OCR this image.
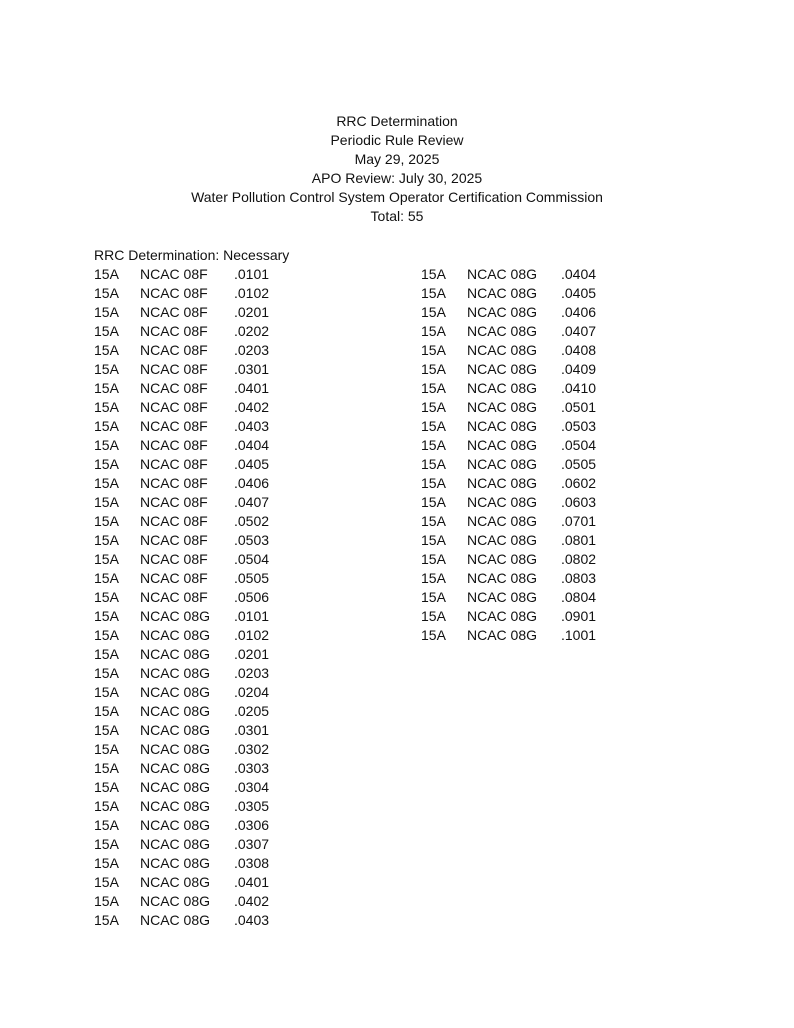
RRC Determination
Periodic Rule Review
May 29, 2025
APO Review: July 30, 2025
Water Pollution Control System Operator Certification Commission
Total: 55
RRC Determination: Necessary
15A NCAC 08F .0101
15A NCAC 08F .0102
15A NCAC 08F .0201
15A NCAC 08F .0202
15A NCAC 08F .0203
15A NCAC 08F .0301
15A NCAC 08F .0401
15A NCAC 08F .0402
15A NCAC 08F .0403
15A NCAC 08F .0404
15A NCAC 08F .0405
15A NCAC 08F .0406
15A NCAC 08F .0407
15A NCAC 08F .0502
15A NCAC 08F .0503
15A NCAC 08F .0504
15A NCAC 08F .0505
15A NCAC 08F .0506
15A NCAC 08G .0101
15A NCAC 08G .0102
15A NCAC 08G .0201
15A NCAC 08G .0203
15A NCAC 08G .0204
15A NCAC 08G .0205
15A NCAC 08G .0301
15A NCAC 08G .0302
15A NCAC 08G .0303
15A NCAC 08G .0304
15A NCAC 08G .0305
15A NCAC 08G .0306
15A NCAC 08G .0307
15A NCAC 08G .0308
15A NCAC 08G .0401
15A NCAC 08G .0402
15A NCAC 08G .0403
15A NCAC 08G .0404
15A NCAC 08G .0405
15A NCAC 08G .0406
15A NCAC 08G .0407
15A NCAC 08G .0408
15A NCAC 08G .0409
15A NCAC 08G .0410
15A NCAC 08G .0501
15A NCAC 08G .0503
15A NCAC 08G .0504
15A NCAC 08G .0505
15A NCAC 08G .0602
15A NCAC 08G .0603
15A NCAC 08G .0701
15A NCAC 08G .0801
15A NCAC 08G .0802
15A NCAC 08G .0803
15A NCAC 08G .0804
15A NCAC 08G .0901
15A NCAC 08G .1001
